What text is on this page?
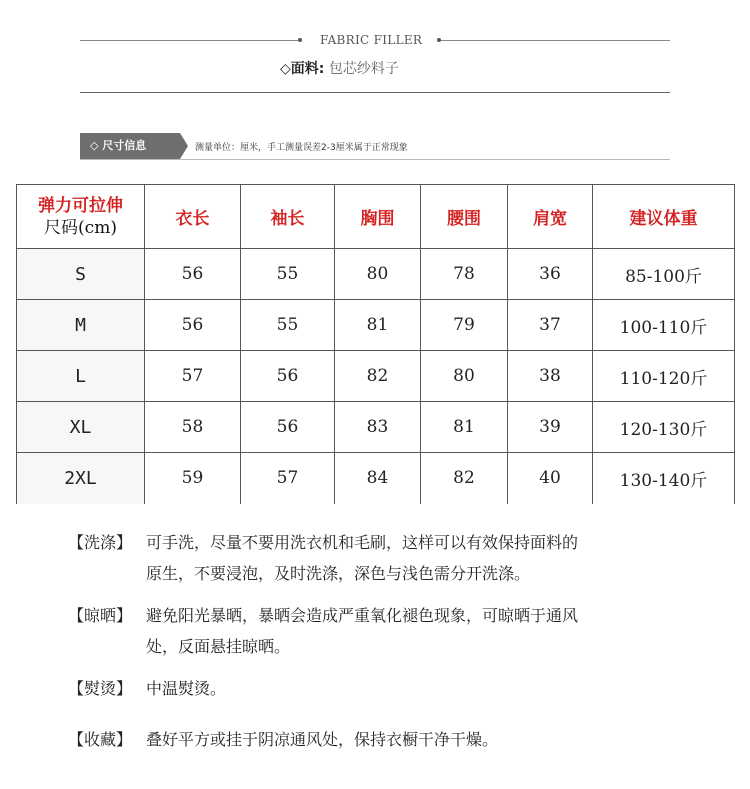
FABRIC FILLER
◇面料: 包芯纱料子
◇ 尺寸信息	测量单位：厘米，手工测量误差2-3厘米属于正常现象
弹力可拉伸
尺码(cm)	衣长	袖长	胸围	腰围	肩宽	建议体重
S	56	55	80	78	36	85-100斤
M	56	55	81	79	37	100-110斤
L	57	56	82	80	38	110-120斤
XL	58	56	83	81	39	120-130斤
2XL	59	57	84	82	40	130-140斤
【洗涤】 可手洗，尽量不要用洗衣机和毛刷，这样可以有效保持面料的
原生，不要浸泡，及时洗涤，深色与浅色需分开洗涤。
【晾晒】 避免阳光暴晒，暴晒会造成严重氧化褪色现象，可晾晒于通风
处，反面悬挂晾晒。
【熨烫】 中温熨烫。
【收藏】 叠好平方或挂于阴凉通风处，保持衣橱干净干燥。
